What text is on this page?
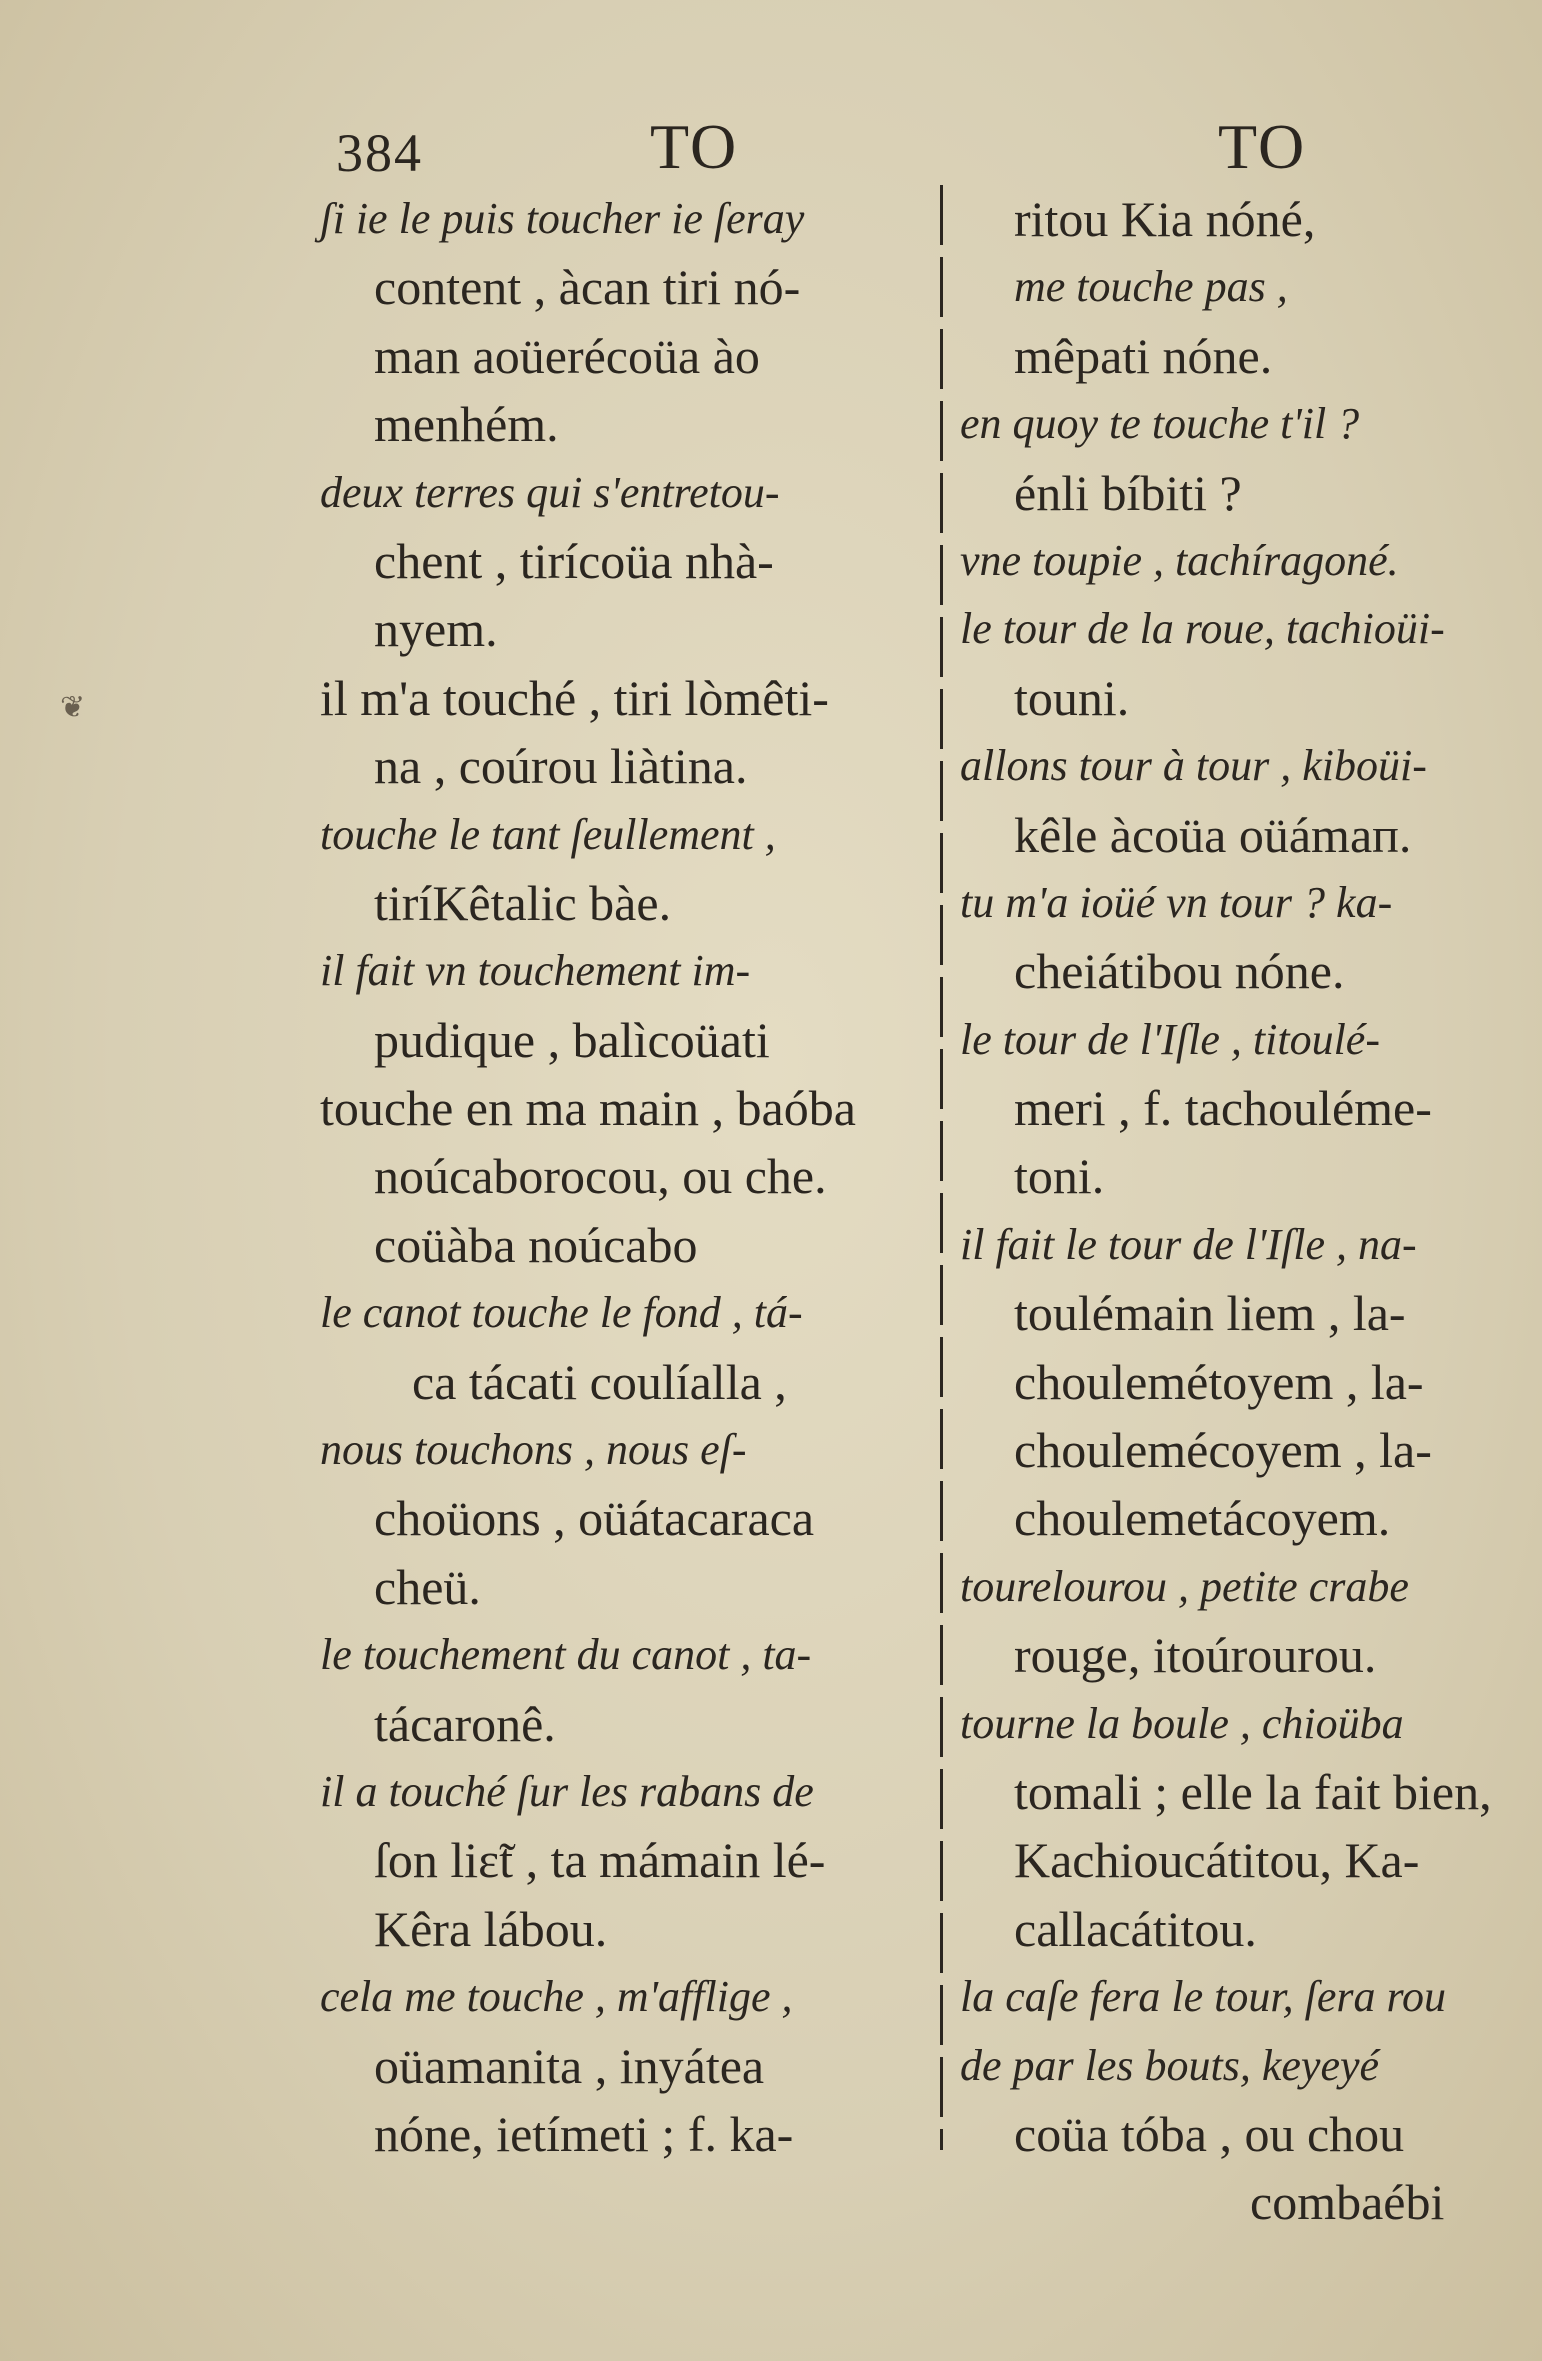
384	TO	TO
❦
ʃi ie le puis toucher ie ſeray
content , àcan tiri nó-
man aoüerécoüa ào
menhém.
deux terres qui s'entretou-
chent , tirícoüa nhà-
nyem.
il m'a touché , tiri lòmêti-
na , coúrou liàtina.
touche le tant ſeullement ,
tiríKêtalic bàe.
il fait vn touchement im-
pudique , balìcoüati
touche en ma main , baóba
noúcaborocou, ou che.
coüàba noúcabo
le canot touche le fond , tá-
ca tácati coulíalla ,
nous touchons , nous eſ-
choüons , oüátacaraca
cheü.
le touchement du canot , ta-
tácaronê.
il a touché ſur les rabans de
ſon liɛ̃t , ta mámain lé-
Kêra lábou.
cela me touche , m'afflige ,
oüamanita , inyátea
nóne, ietímeti ; f. ka-
ritou Kia nóné,
me touche pas ,
mêpati nóne.
en quoy te touche t'il ?
énli bíbiti ?
vne toupie , tachíragoné.
le tour de la roue, tachioüi-
touni.
allons tour à tour , kiboüi-
kêle àcoüa oüámaп.
tu m'a ioüé vn tour ? ka-
cheiátibou nóne.
le tour de l'Iſle , titoulé-
meri , f. tachouléme-
toni.
il fait le tour de l'Iſle , na-
toulémain liem , la-
choulemétoyem , la-
choulemécoyem , la-
choulemetácoyem.
tourelourou , petite crabe
rouge, itoúrourou.
tourne la boule , chioüba
tomali ; elle la fait bien,
Kachioucátitou, Ka-
callacátitou.
la caſe fera le tour, ſera rou
de par les bouts, keyeyé
coüa tóba , ou chou
combaébi
